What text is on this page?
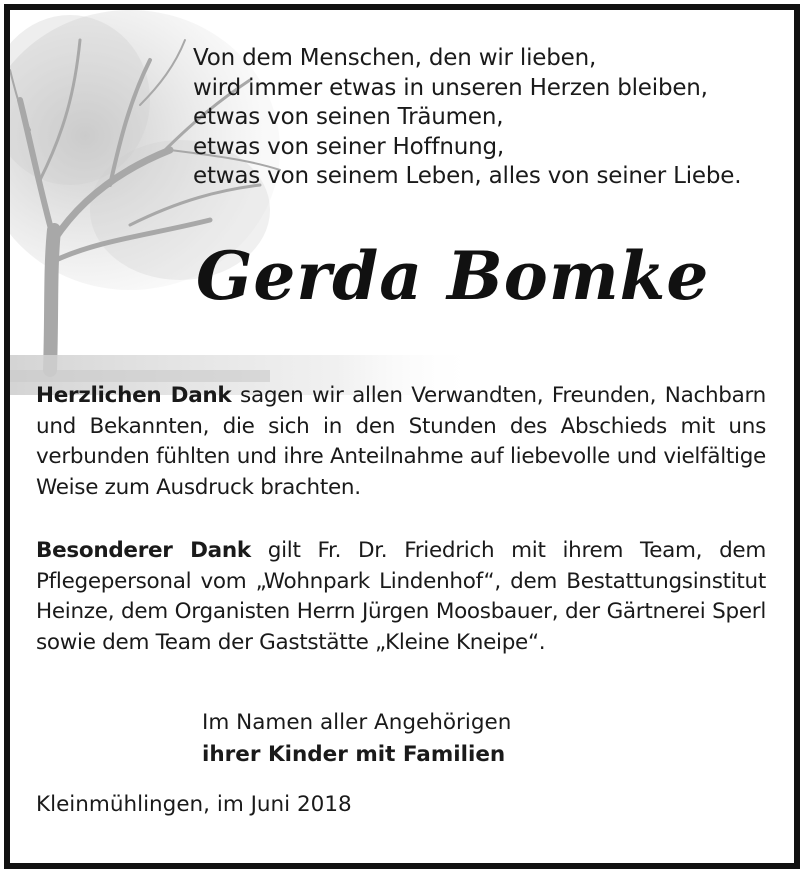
Von dem Menschen, den wir lieben,
wird immer etwas in unseren Herzen bleiben,
etwas von seinen Träumen,
etwas von seiner Hoffnung,
etwas von seinem Leben, alles von seiner Liebe.
Gerda Bomke
Herzlichen Dank sagen wir allen Verwandten, Freunden, Nachbarn und Bekannten, die sich in den Stunden des Abschieds mit uns verbunden fühlten und ihre Anteilnahme auf liebevolle und vielfältige Weise zum Ausdruck brachten.
Besonderer Dank gilt Fr. Dr. Friedrich mit ihrem Team, dem Pflegepersonal vom „Wohnpark Lindenhof“, dem Bestattungsinstitut Heinze, dem Organisten Herrn Jürgen Moosbauer, der Gärtnerei Sperl sowie dem Team der Gaststätte „Kleine Kneipe“.
Im Namen aller Angehörigen
ihrer Kinder mit Familien
Kleinmühlingen, im Juni 2018
